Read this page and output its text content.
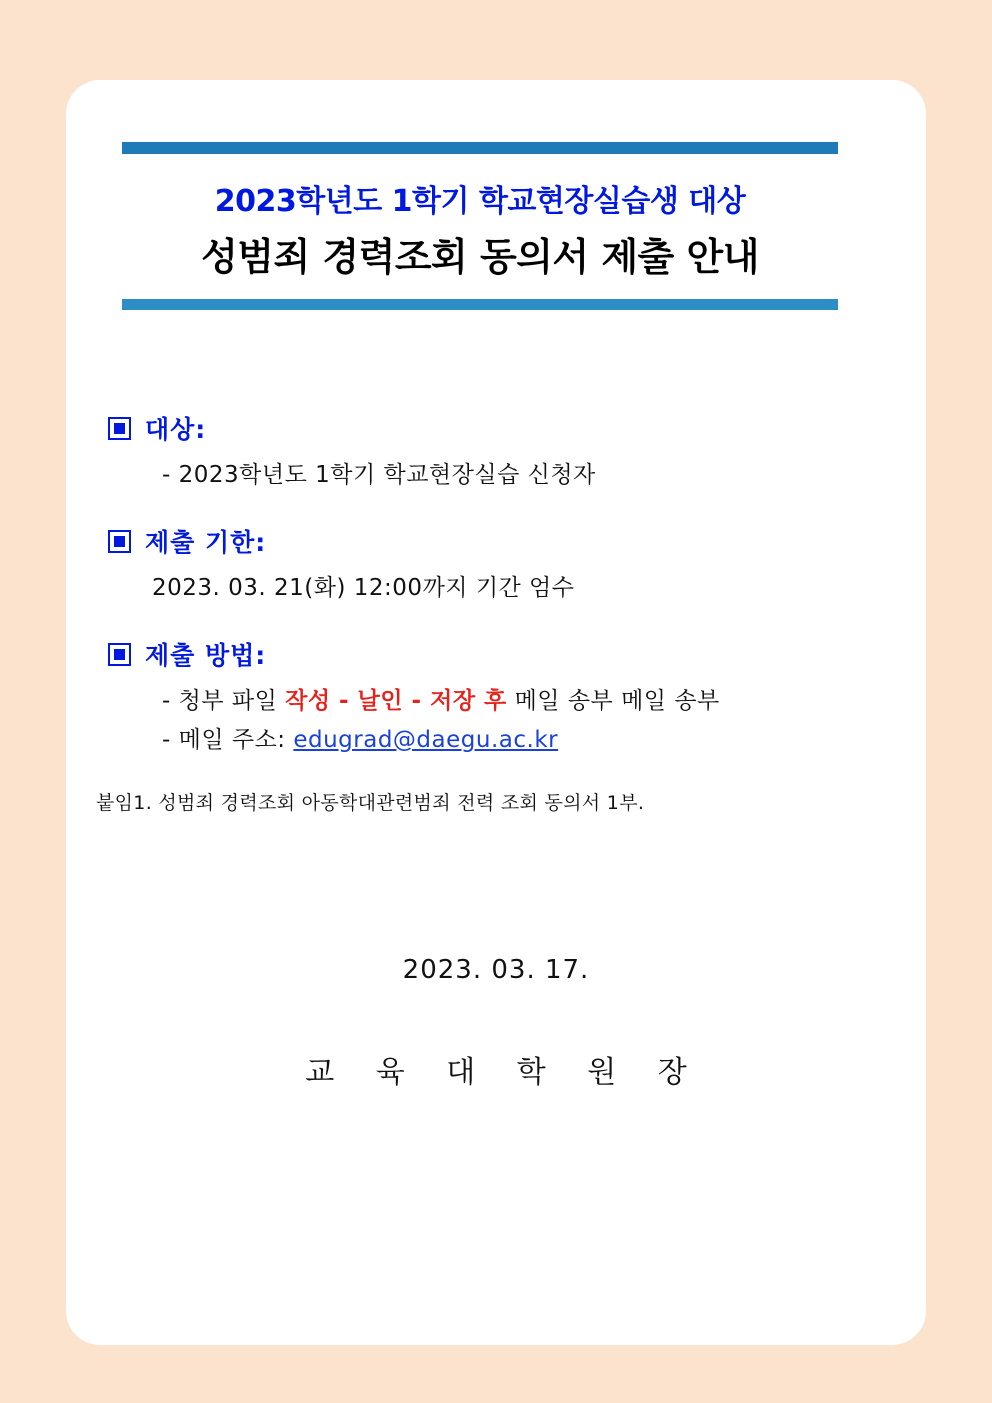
2023학년도 1학기 학교현장실습생 대상
성범죄 경력조회 동의서 제출 안내
대상:
- 2023학년도 1학기 학교현장실습 신청자
제출 기한:
2023. 03. 21(화) 12:00까지 기간 엄수
제출 방법:
- 청부 파일 작성 - 날인 - 저장 후 메일 송부 메일 송부
- 메일 주소: edugrad@daegu.ac.kr
붙임1. 성범죄 경력조회 아동학대관련범죄 전력 조회 동의서 1부.
2023. 03. 17.
교 육 대 학 원 장
